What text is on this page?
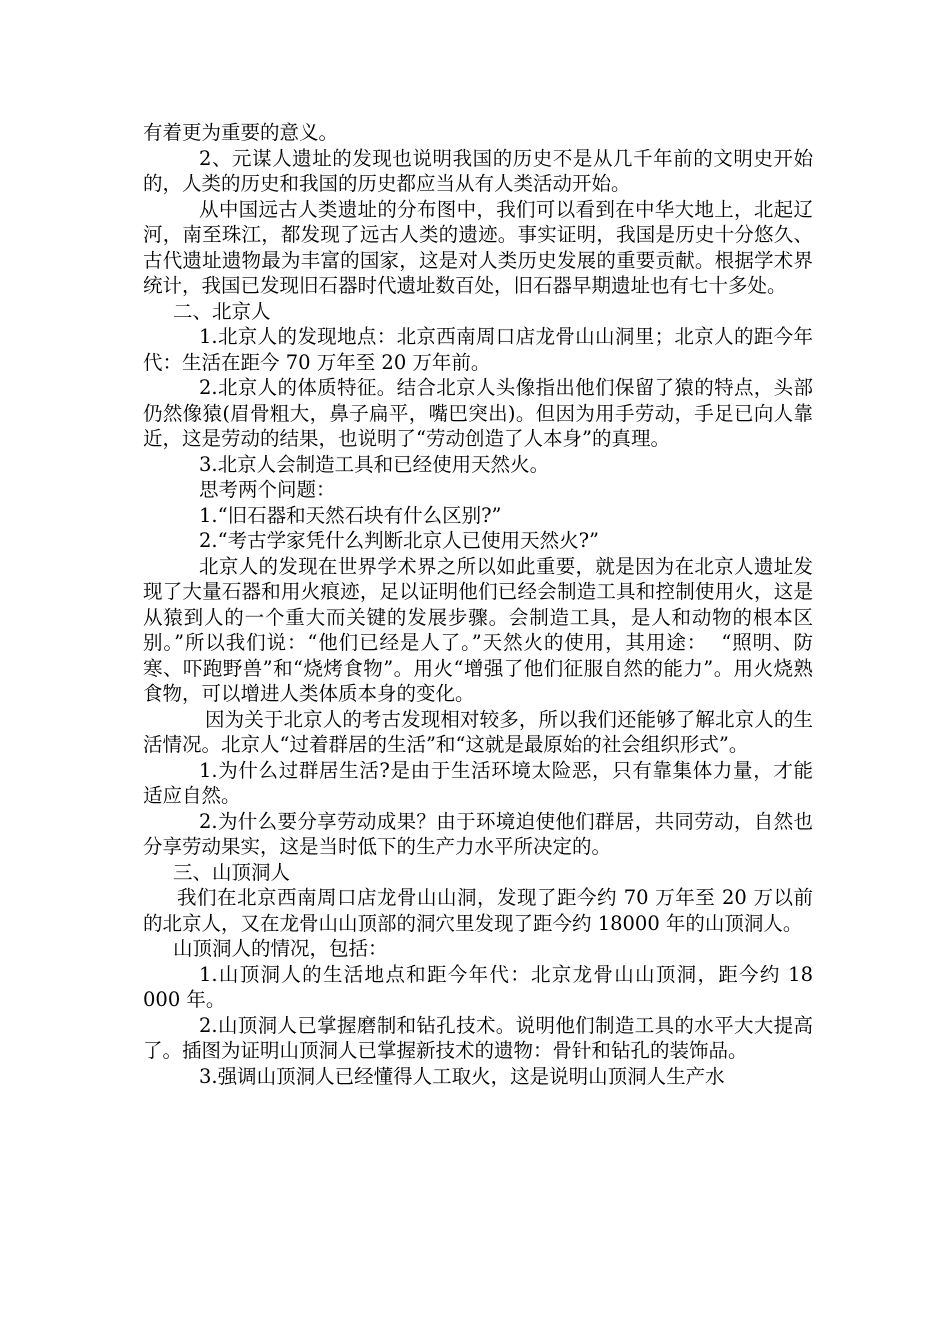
有着更为重要的意义。

2、元谋人遗址的发现也说明我国的历史不是从几千年前的文明史开始的，人类的历史和我国的历史都应当从有人类活动开始。

从中国远古人类遗址的分布图中，我们可以看到在中华大地上，北起辽河，南至珠江，都发现了远古人类的遗迹。事实证明，我国是历史十分悠久、古代遗址遗物最为丰富的国家，这是对人类历史发展的重要贡献。根据学术界统计，我国已发现旧石器时代遗址数百处，旧石器早期遗址也有七十多处。

二、北京人

1.北京人的发现地点：北京西南周口店龙骨山山洞里；北京人的距今年代：生活在距今 70 万年至 20 万年前。

2.北京人的体质特征。结合北京人头像指出他们保留了猿的特点，头部仍然像猿(眉骨粗大，鼻子扁平，嘴巴突出)。但因为用手劳动，手足已向人靠近，这是劳动的结果，也说明了“劳动创造了人本身”的真理。

3.北京人会制造工具和已经使用天然火。

思考两个问题：

1.“旧石器和天然石块有什么区别?”

2.“考古学家凭什么判断北京人已使用天然火?”

北京人的发现在世界学术界之所以如此重要，就是因为在北京人遗址发现了大量石器和用火痕迹，足以证明他们已经会制造工具和控制使用火，这是从猿到人的一个重大而关键的发展步骤。会制造工具，是人和动物的根本区别。”所以我们说：“他们已经是人了。”天然火的使用，其用途：  “照明、防寒、吓跑野兽”和“烧烤食物”。用火“增强了他们征服自然的能力”。用火烧熟食物，可以增进人类体质本身的变化。

因为关于北京人的考古发现相对较多，所以我们还能够了解北京人的生活情况。北京人“过着群居的生活”和“这就是最原始的社会组织形式”。

1.为什么过群居生活?是由于生活环境太险恶，只有靠集体力量，才能适应自然。

2.为什么要分享劳动成果？由于环境迫使他们群居，共同劳动，自然也分享劳动果实，这是当时低下的生产力水平所决定的。

三、山顶洞人

我们在北京西南周口店龙骨山山洞，发现了距今约 70 万年至 20 万以前的北京人，又在龙骨山山顶部的洞穴里发现了距今约 18000 年的山顶洞人。

山顶洞人的情况，包括：

1.山顶洞人的生活地点和距今年代：北京龙骨山山顶洞，距今约 18 000 年。

2.山顶洞人已掌握磨制和钻孔技术。说明他们制造工具的水平大大提高了。插图为证明山顶洞人已掌握新技术的遗物：骨针和钻孔的装饰品。

3.强调山顶洞人已经懂得人工取火，这是说明山顶洞人生产水
